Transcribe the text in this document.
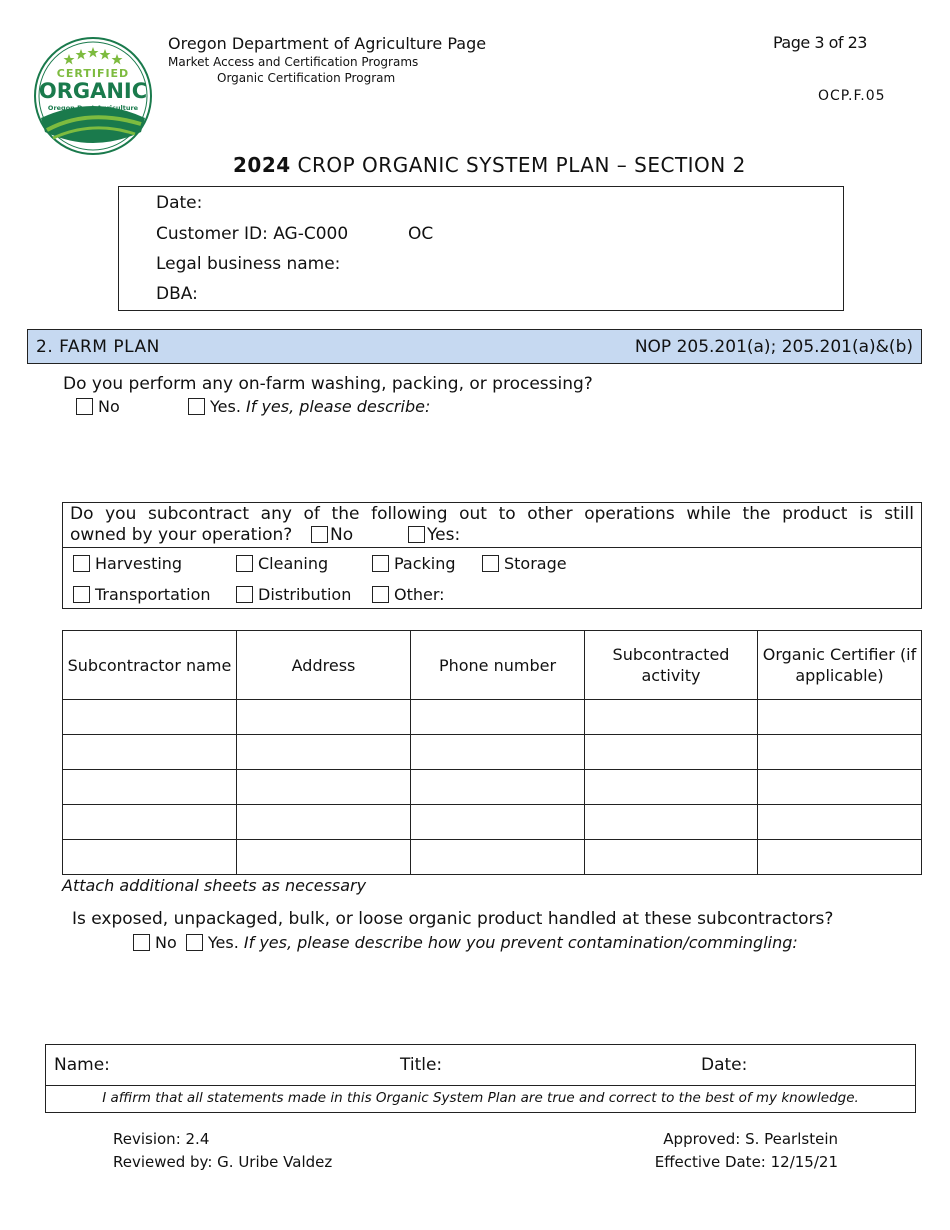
CERTIFIED
ORGANIC
Oregon Dept Agriculture
Oregon Department of Agriculture Page
Market Access and Certification Programs
Organic Certification Program
Page 3 of 23
OCP.F.05
2024 CROP ORGANIC SYSTEM PLAN – SECTION 2
Date:
Customer ID: AG-C000	OC
Legal business name:
DBA:
2. FARM PLAN	NOP 205.201(a); 205.201(a)&(b)
Do you perform any on-farm washing, packing, or processing?
No	Yes. If yes, please describe:
Do you subcontract any of the following out to other operations while the product is still
owned by your operation?	No	Yes:
Harvesting	Cleaning	Packing	Storage
Transportation	Distribution	Other:
Subcontractor name	Address	Phone number	Subcontracted activity	Organic Certifier (if applicable)

Attach additional sheets as necessary
Is exposed, unpackaged, bulk, or loose organic product handled at these subcontractors?
No Yes. If yes, please describe how you prevent contamination/commingling:
Name:	Title:	Date:
I affirm that all statements made in this Organic System Plan are true and correct to the best of my knowledge.
Revision: 2.4
Reviewed by: G. Uribe Valdez
Approved: S. Pearlstein
Effective Date: 12/15/21
